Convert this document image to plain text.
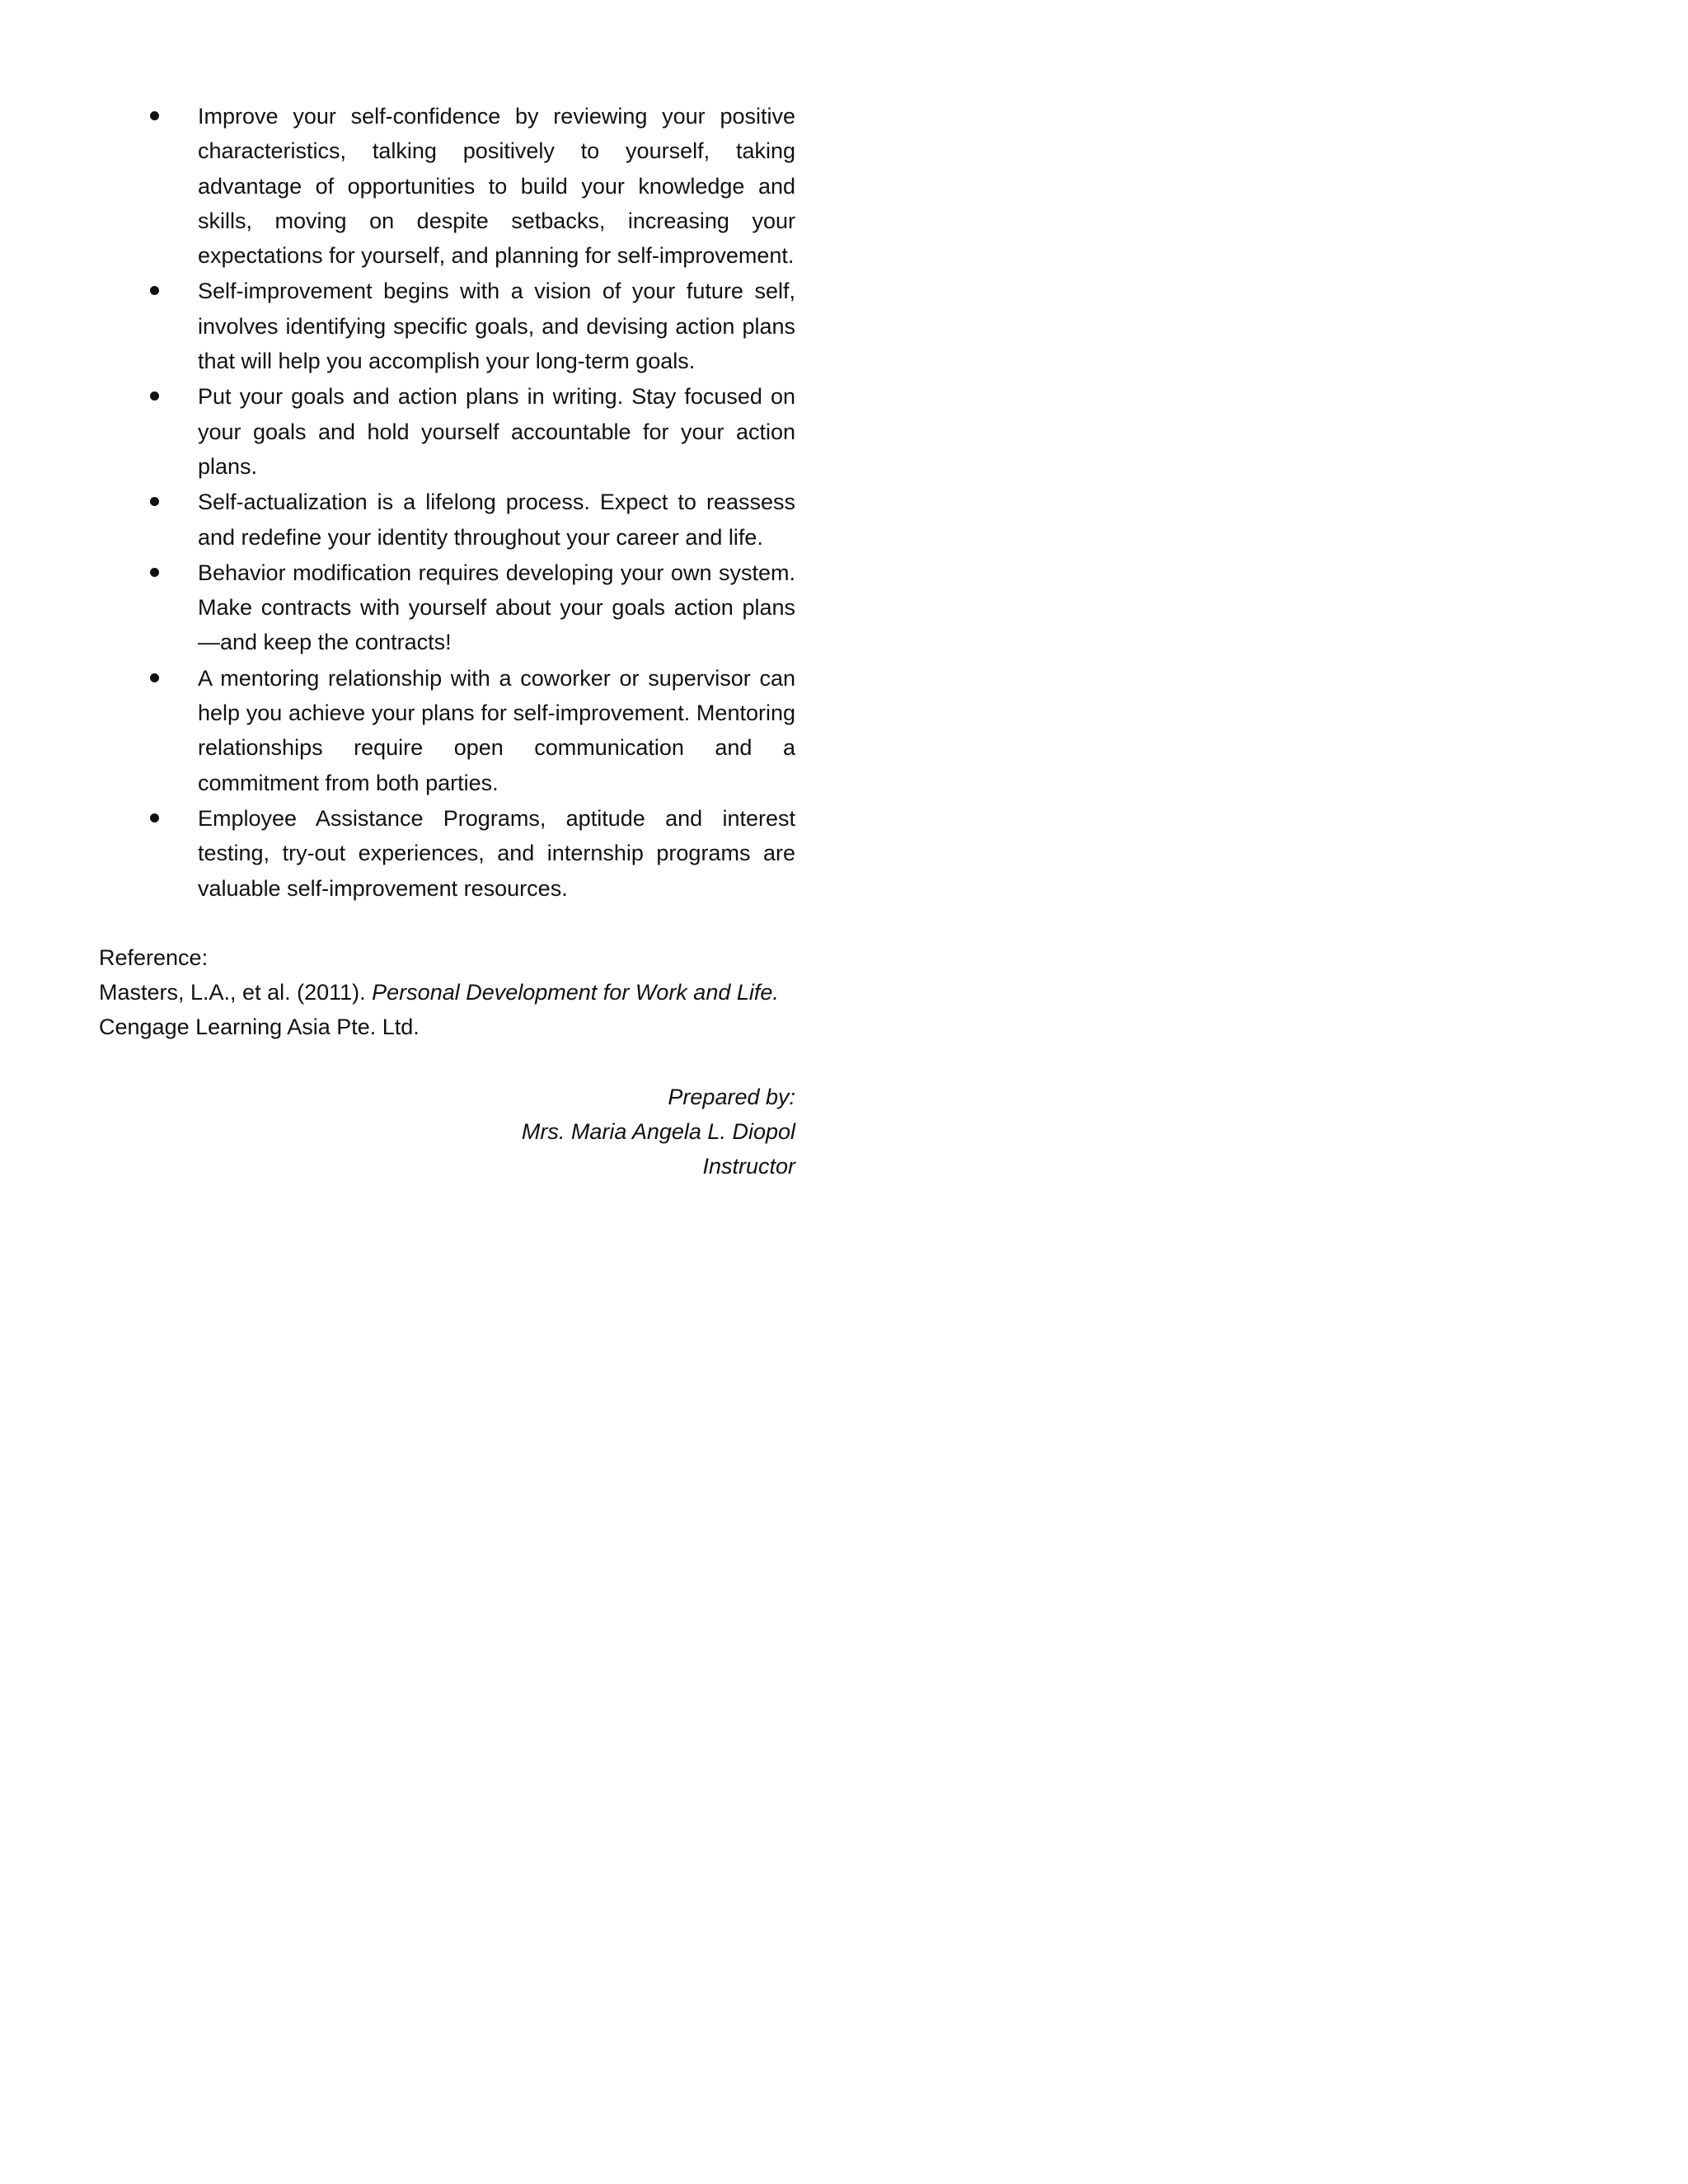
Improve your self-confidence by reviewing your positive characteristics, talking positively to yourself, taking advantage of opportunities to build your knowledge and skills, moving on despite setbacks, increasing your expectations for yourself, and planning for self-improvement.
Self-improvement begins with a vision of your future self, involves identifying specific goals, and devising action plans that will help you accomplish your long-term goals.
Put your goals and action plans in writing. Stay focused on your goals and hold yourself accountable for your action plans.
Self-actualization is a lifelong process. Expect to reassess and redefine your identity throughout your career and life.
Behavior modification requires developing your own system. Make contracts with yourself about your goals action plans—and keep the contracts!
A mentoring relationship with a coworker or supervisor can help you achieve your plans for self-improvement. Mentoring relationships require open communication and a commitment from both parties.
Employee Assistance Programs, aptitude and interest testing, try-out experiences, and internship programs are valuable self-improvement resources.

Reference:

Masters, L.A., et al. (2011). Personal Development for Work and Life.

Cengage Learning Asia Pte. Ltd.

Prepared by:

Mrs. Maria Angela L. Diopol

Instructor
